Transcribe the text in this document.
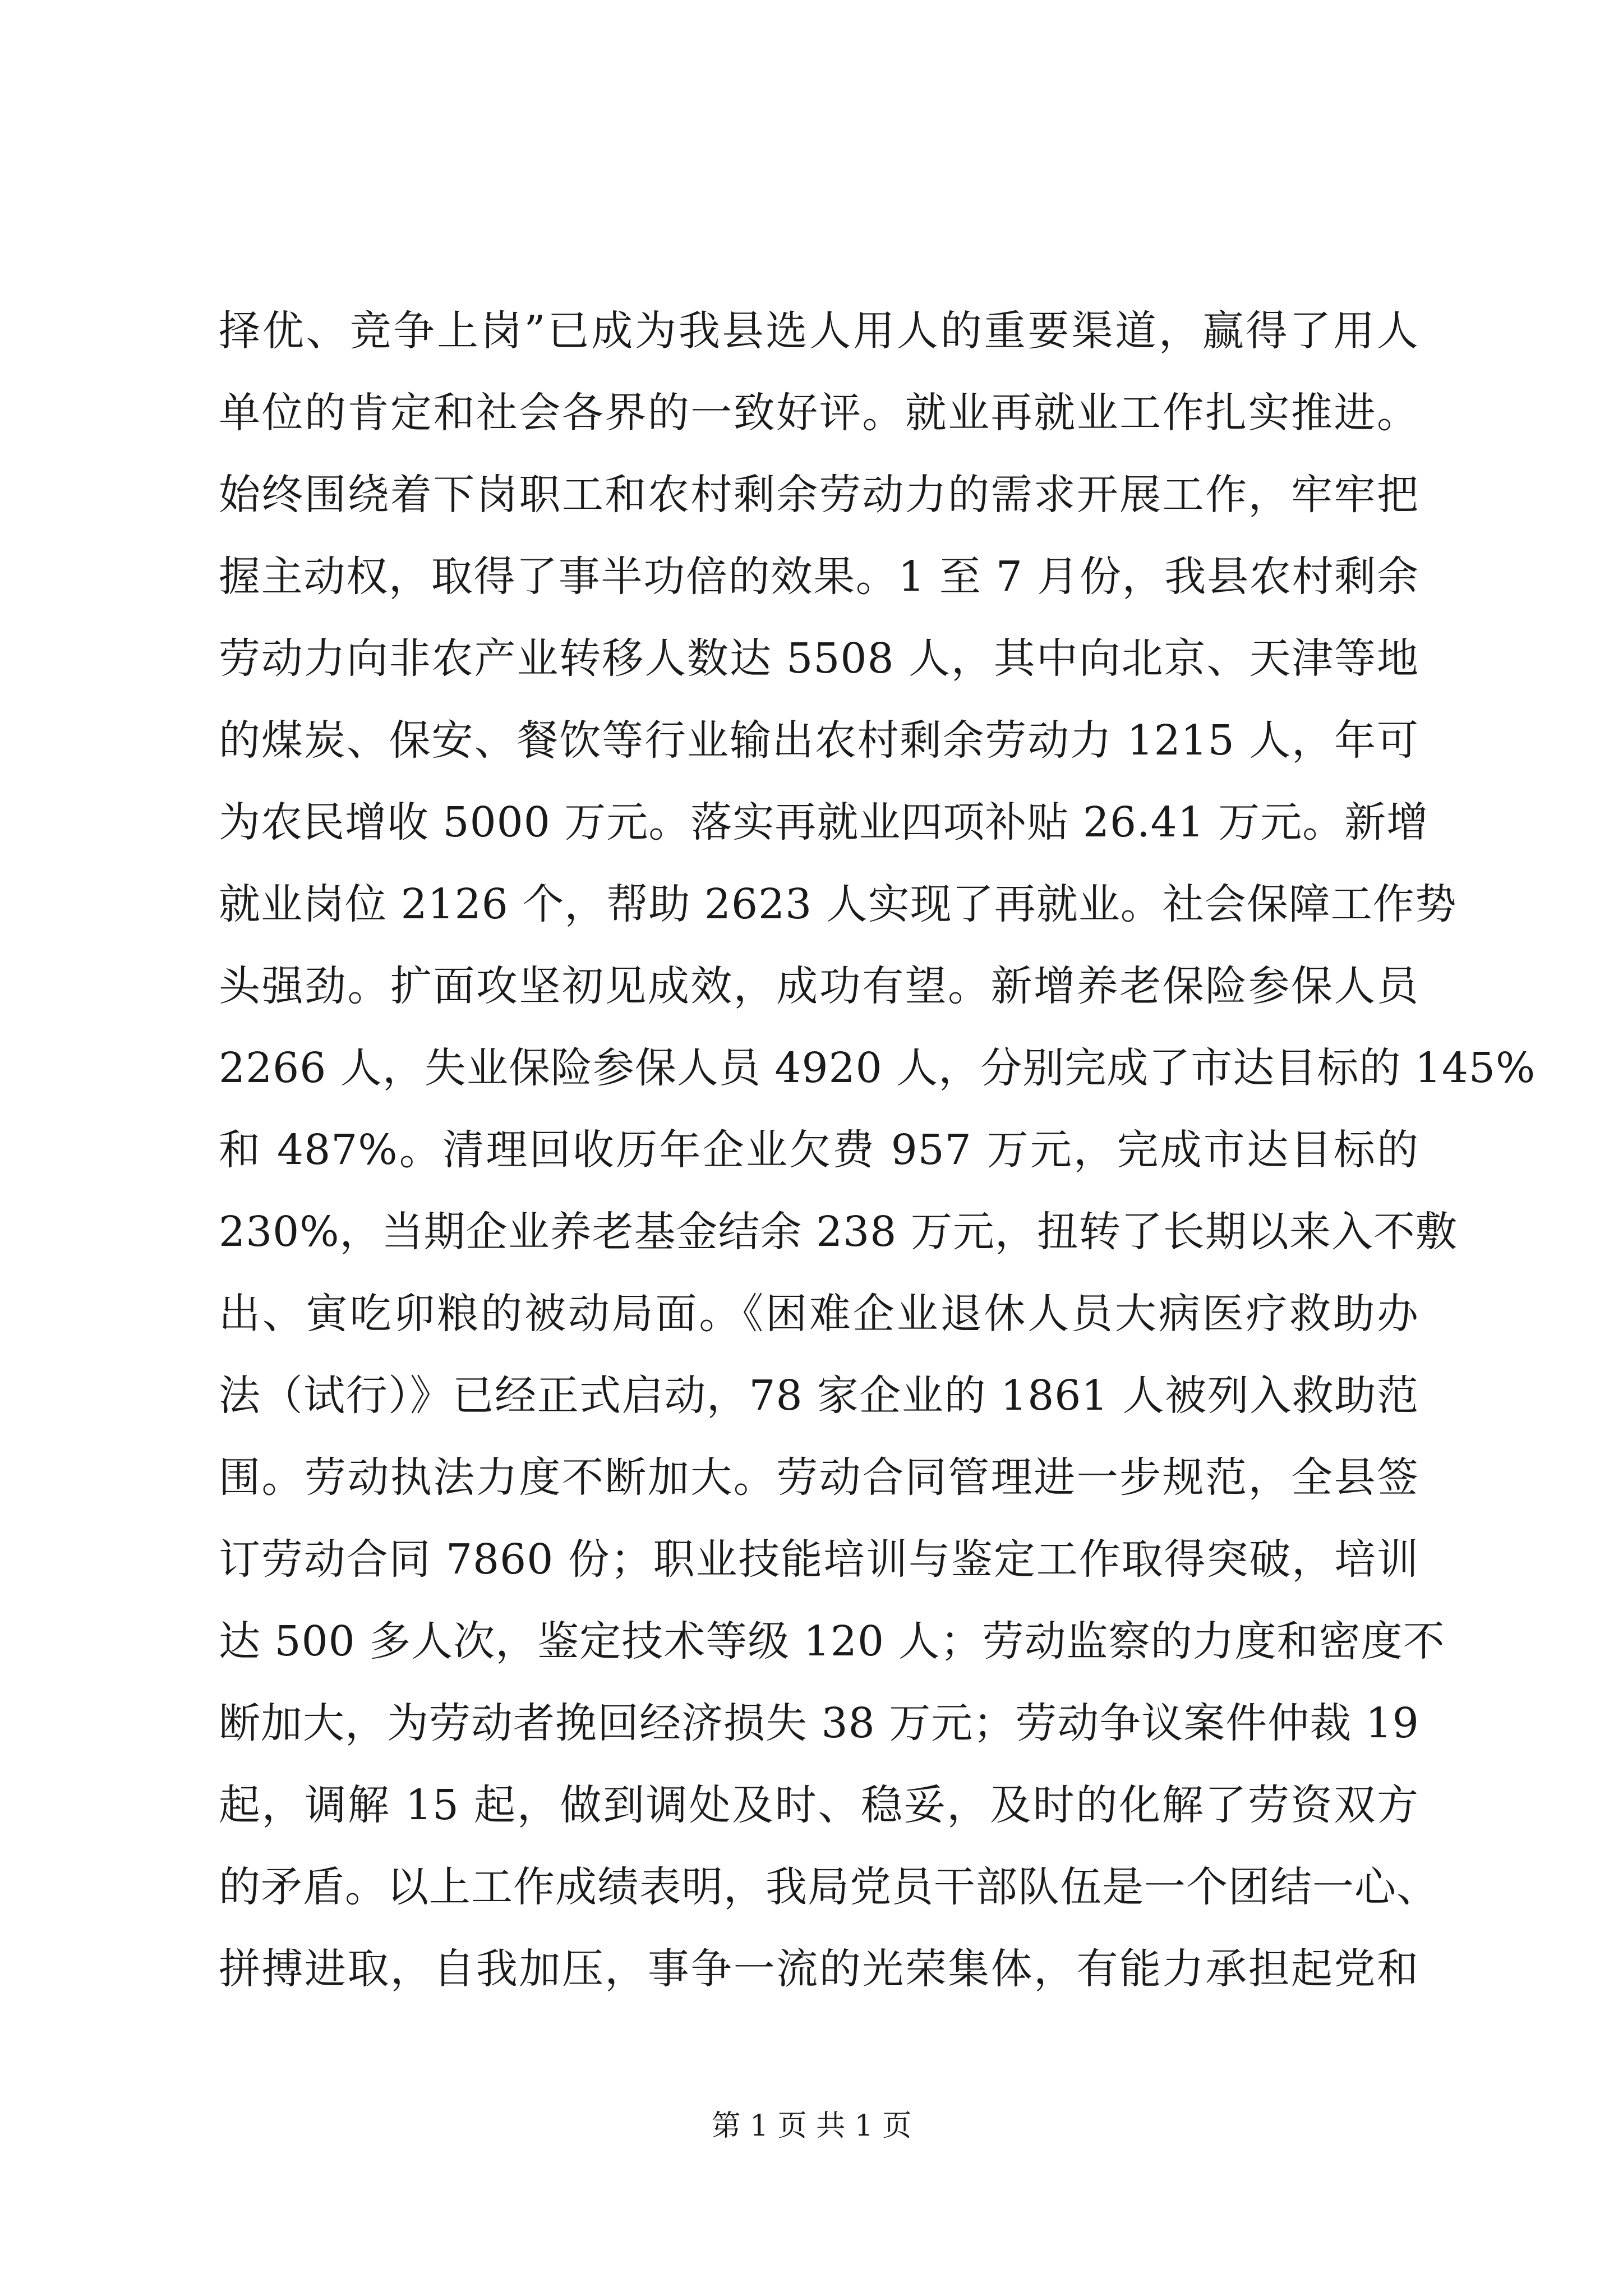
择优、竞争上岗”已成为我县选人用人的重要渠道，赢得了用人
单位的肯定和社会各界的一致好评。就业再就业工作扎实推进。
始终围绕着下岗职工和农村剩余劳动力的需求开展工作，牢牢把
握主动权，取得了事半功倍的效果。1 至 7 月份，我县农村剩余
劳动力向非农产业转移人数达 5508 人，其中向北京、天津等地
的煤炭、保安、餐饮等行业输出农村剩余劳动力 1215 人，年可
为农民增收 5000 万元。落实再就业四项补贴 26.41 万元。新增
就业岗位 2126 个，帮助 2623 人实现了再就业。社会保障工作势
头强劲。扩面攻坚初见成效，成功有望。新增养老保险参保人员
2266 人，失业保险参保人员 4920 人，分别完成了市达目标的 145%
和 487%。清理回收历年企业欠费 957 万元，完成市达目标的
230%，当期企业养老基金结余 238 万元，扭转了长期以来入不敷
出、寅吃卯粮的被动局面。《困难企业退休人员大病医疗救助办
法（试行）》已经正式启动，78 家企业的 1861 人被列入救助范
围。劳动执法力度不断加大。劳动合同管理进一步规范，全县签
订劳动合同 7860 份；职业技能培训与鉴定工作取得突破，培训
达 500 多人次，鉴定技术等级 120 人；劳动监察的力度和密度不
断加大，为劳动者挽回经济损失 38 万元；劳动争议案件仲裁 19
起，调解 15 起，做到调处及时、稳妥，及时的化解了劳资双方
的矛盾。以上工作成绩表明，我局党员干部队伍是一个团结一心、
拼搏进取，自我加压，事争一流的光荣集体，有能力承担起党和
第 1 页 共 1 页
